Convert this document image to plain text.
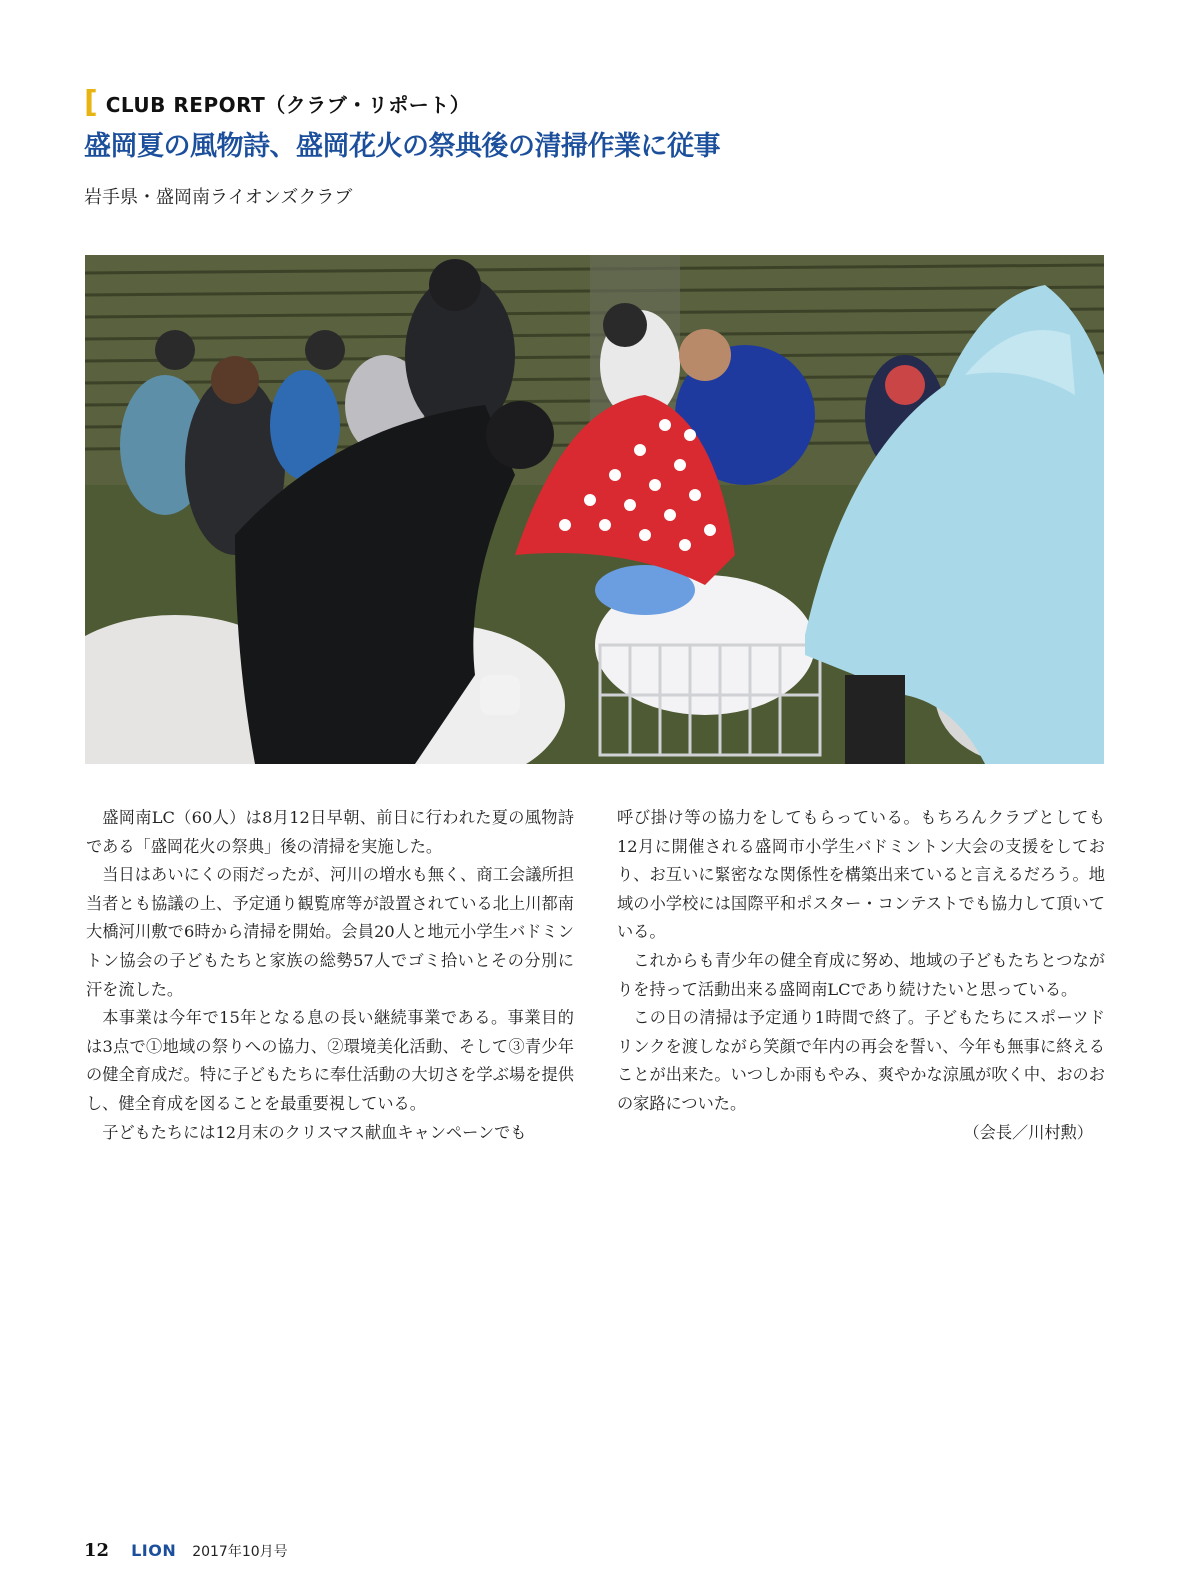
[ CLUB REPORT（クラブ・リポート）
盛岡夏の風物詩、盛岡花火の祭典後の清掃作業に従事
岩手県・盛岡南ライオンズクラブ

盛岡南LC（60人）は8月12日早朝、前日に行われた夏の風物詩である「盛岡花火の祭典」後の清掃を実施した。

当日はあいにくの雨だったが、河川の増水も無く、商工会議所担当者とも協議の上、予定通り観覧席等が設置されている北上川都南大橋河川敷で6時から清掃を開始。会員20人と地元小学生バドミントン協会の子どもたちと家族の総勢57人でゴミ拾いとその分別に汗を流した。

本事業は今年で15年となる息の長い継続事業である。事業目的は3点で①地域の祭りへの協力、②環境美化活動、そして③青少年の健全育成だ。特に子どもたちに奉仕活動の大切さを学ぶ場を提供し、健全育成を図ることを最重要視している。

子どもたちには12月末のクリスマス献血キャンペーンでも

呼び掛け等の協力をしてもらっている。もちろんクラブとしても12月に開催される盛岡市小学生バドミントン大会の支援をしており、お互いに緊密なな関係性を構築出来ていると言えるだろう。地域の小学校には国際平和ポスター・コンテストでも協力して頂いている。

これからも青少年の健全育成に努め、地域の子どもたちとつながりを持って活動出来る盛岡南LCであり続けたいと思っている。

この日の清掃は予定通り1時間で終了。子どもたちにスポーツドリンクを渡しながら笑顔で年内の再会を誓い、今年も無事に終えることが出来た。いつしか雨もやみ、爽やかな涼風が吹く中、おのおの家路についた。

（会長／川村勲）

12 LION 2017年10月号
